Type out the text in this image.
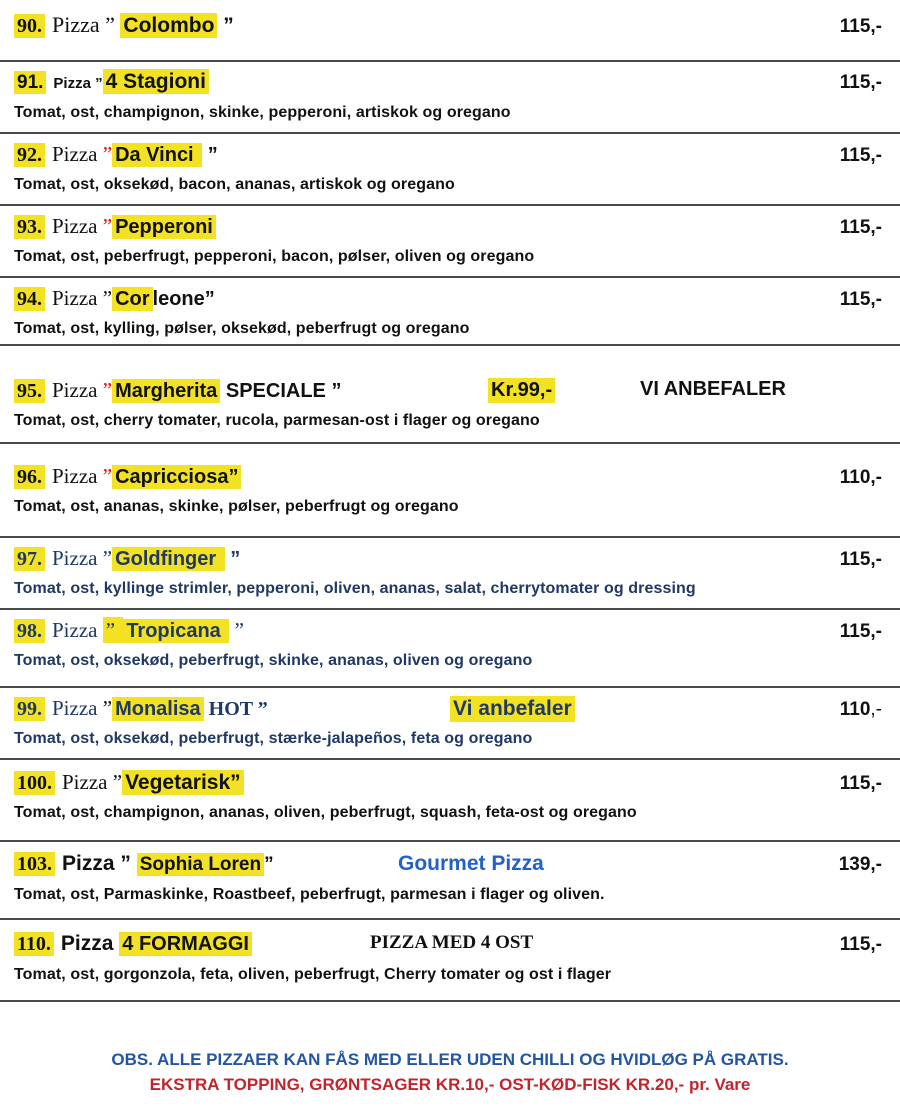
90. Pizza ” Colombo ”	115,-
91. Pizza ” 4 Stagioni	115,-
Tomat, ost, champignon, skinke, pepperoni, artiskok og oregano
92. Pizza ” Da Vinci  ”	115,-
Tomat, ost, oksekød, bacon, ananas, artiskok og oregano
93. Pizza ” Pepperoni	115,-
Tomat, ost, peberfrugt, pepperoni, bacon, pølser, oliven og oregano
94. Pizza ” Cor leone”	115,-
Tomat, ost, kylling, pølser, oksekød, peberfrugt og oregano
95. Pizza ” Margherita SPECIALE ”	Kr.99,-	VI ANBEFALER
Tomat, ost, cherry tomater, rucola, parmesan-ost i flager og oregano
96. Pizza ” Capricciosa”	110,-
Tomat, ost, ananas, skinke, pølser, peberfrugt og oregano
97. Pizza ” Goldfinger  ”	115,-
Tomat, ost, kyllinge strimler, pepperoni, oliven, ananas, salat, cherrytomater og dressing
98. Pizza ” Tropicana  ”	115,-
Tomat, ost, oksekød, peberfrugt, skinke, ananas, oliven og oregano
99. Pizza ” Monalisa HOT ”	Vi anbefaler	110,-
Tomat, ost, oksekød, peberfrugt, stærke-jalapeños, feta og oregano
100. Pizza ” Vegetarisk”	115,-
Tomat, ost, champignon, ananas, oliven, peberfrugt, squash, feta-ost og oregano
103. Pizza ” Sophia Loren ”	Gourmet Pizza	139,-
Tomat, ost, Parmaskinke, Roastbeef, peberfrugt, parmesan i flager og oliven.
110. Pizza 4 FORMAGGI	PIZZA MED 4 OST	115,-
Tomat, ost, gorgonzola, feta, oliven, peberfrugt, Cherry tomater og ost i flager
OBS. ALLE PIZZAER KAN FÅS MED ELLER UDEN CHILLI OG HVIDLØG PÅ GRATIS.
EKSTRA TOPPING, GRØNTSAGER KR.10,- OST-KØD-FISK KR.20,- pr. Vare
